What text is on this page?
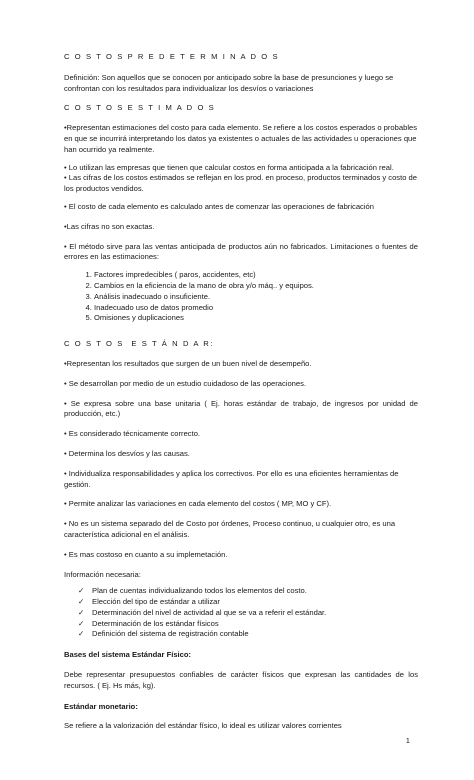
C O S T O S P R E D E T E R M I N A D O S

Definición: Son aquellos que se conocen por anticipado sobre la base de presunciones y luego se confrontan con los resultados para individualizar los desvíos o variaciones

C O S T O S E S T I M A D O S

•Representan estimaciones del costo para cada elemento. Se refiere a los costos esperados o probables en que se incurrirá interpretando los datos ya existentes o actuales de las actividades u operaciones que han ocurrido ya realmente.

• Lo utilizan las empresas que tienen que calcular costos en forma anticipada a la fabricación real.

• Las cifras de los costos estimados se reflejan en los prod. en proceso, productos terminados y costo de los productos vendidos.

• El costo de cada elemento es calculado antes de comenzar las operaciones de fabricación

•Las cifras no son exactas.

• El método sirve para las ventas anticipada de productos aún no fabricados. Limitaciones o fuentes de errores en las estimaciones:

1. Factores impredecibles ( paros, accidentes, etc)
2. Cambios en la eficiencia de la mano de obra y/o máq.. y equipos.
3. Análisis inadecuado o insuficiente.
4. Inadecuado uso de datos promedio
5. Omisiones y duplicaciones

C O S T O S  E S T Á N D A R:

•Representan los resultados que surgen de un buen nivel de desempeño.

• Se desarrollan por medio de un estudio cuidadoso de las operaciones.

• Se expresa sobre una base unitaria ( Ej. horas estándar de trabajo, de ingresos por unidad de producción, etc.)

• Es considerado técnicamente correcto.

• Determina los desvíos y las causas.

• Individualiza responsabilidades y aplica los correctivos. Por ello es una eficientes herramientas de gestión.

• Permite analizar las variaciones en cada elemento del costos ( MP, MO y CF).

• No es un sistema separado del de Costo por órdenes, Proceso continuo, u cualquier otro, es una característica adicional en el análisis.

• Es mas costoso en cuanto a su implemetación.

Información necesaria:

✓ Plan de cuentas individualizando todos los elementos del costo.
✓ Elección del tipo de estándar a utilizar
✓ Determinación del nivel de actividad al que se va a referir el estándar.
✓ Determinación de los estándar físicos
✓ Definición del sistema de registración contable

Bases del sistema Estándar Físico:

Debe representar presupuestos confiables de carácter físicos que expresan las cantidades de los recursos. ( Ej. Hs más, kg).

Estándar monetario:

Se refiere a la valorización del estándar físico, lo ideal es utilizar valores corrientes

1
